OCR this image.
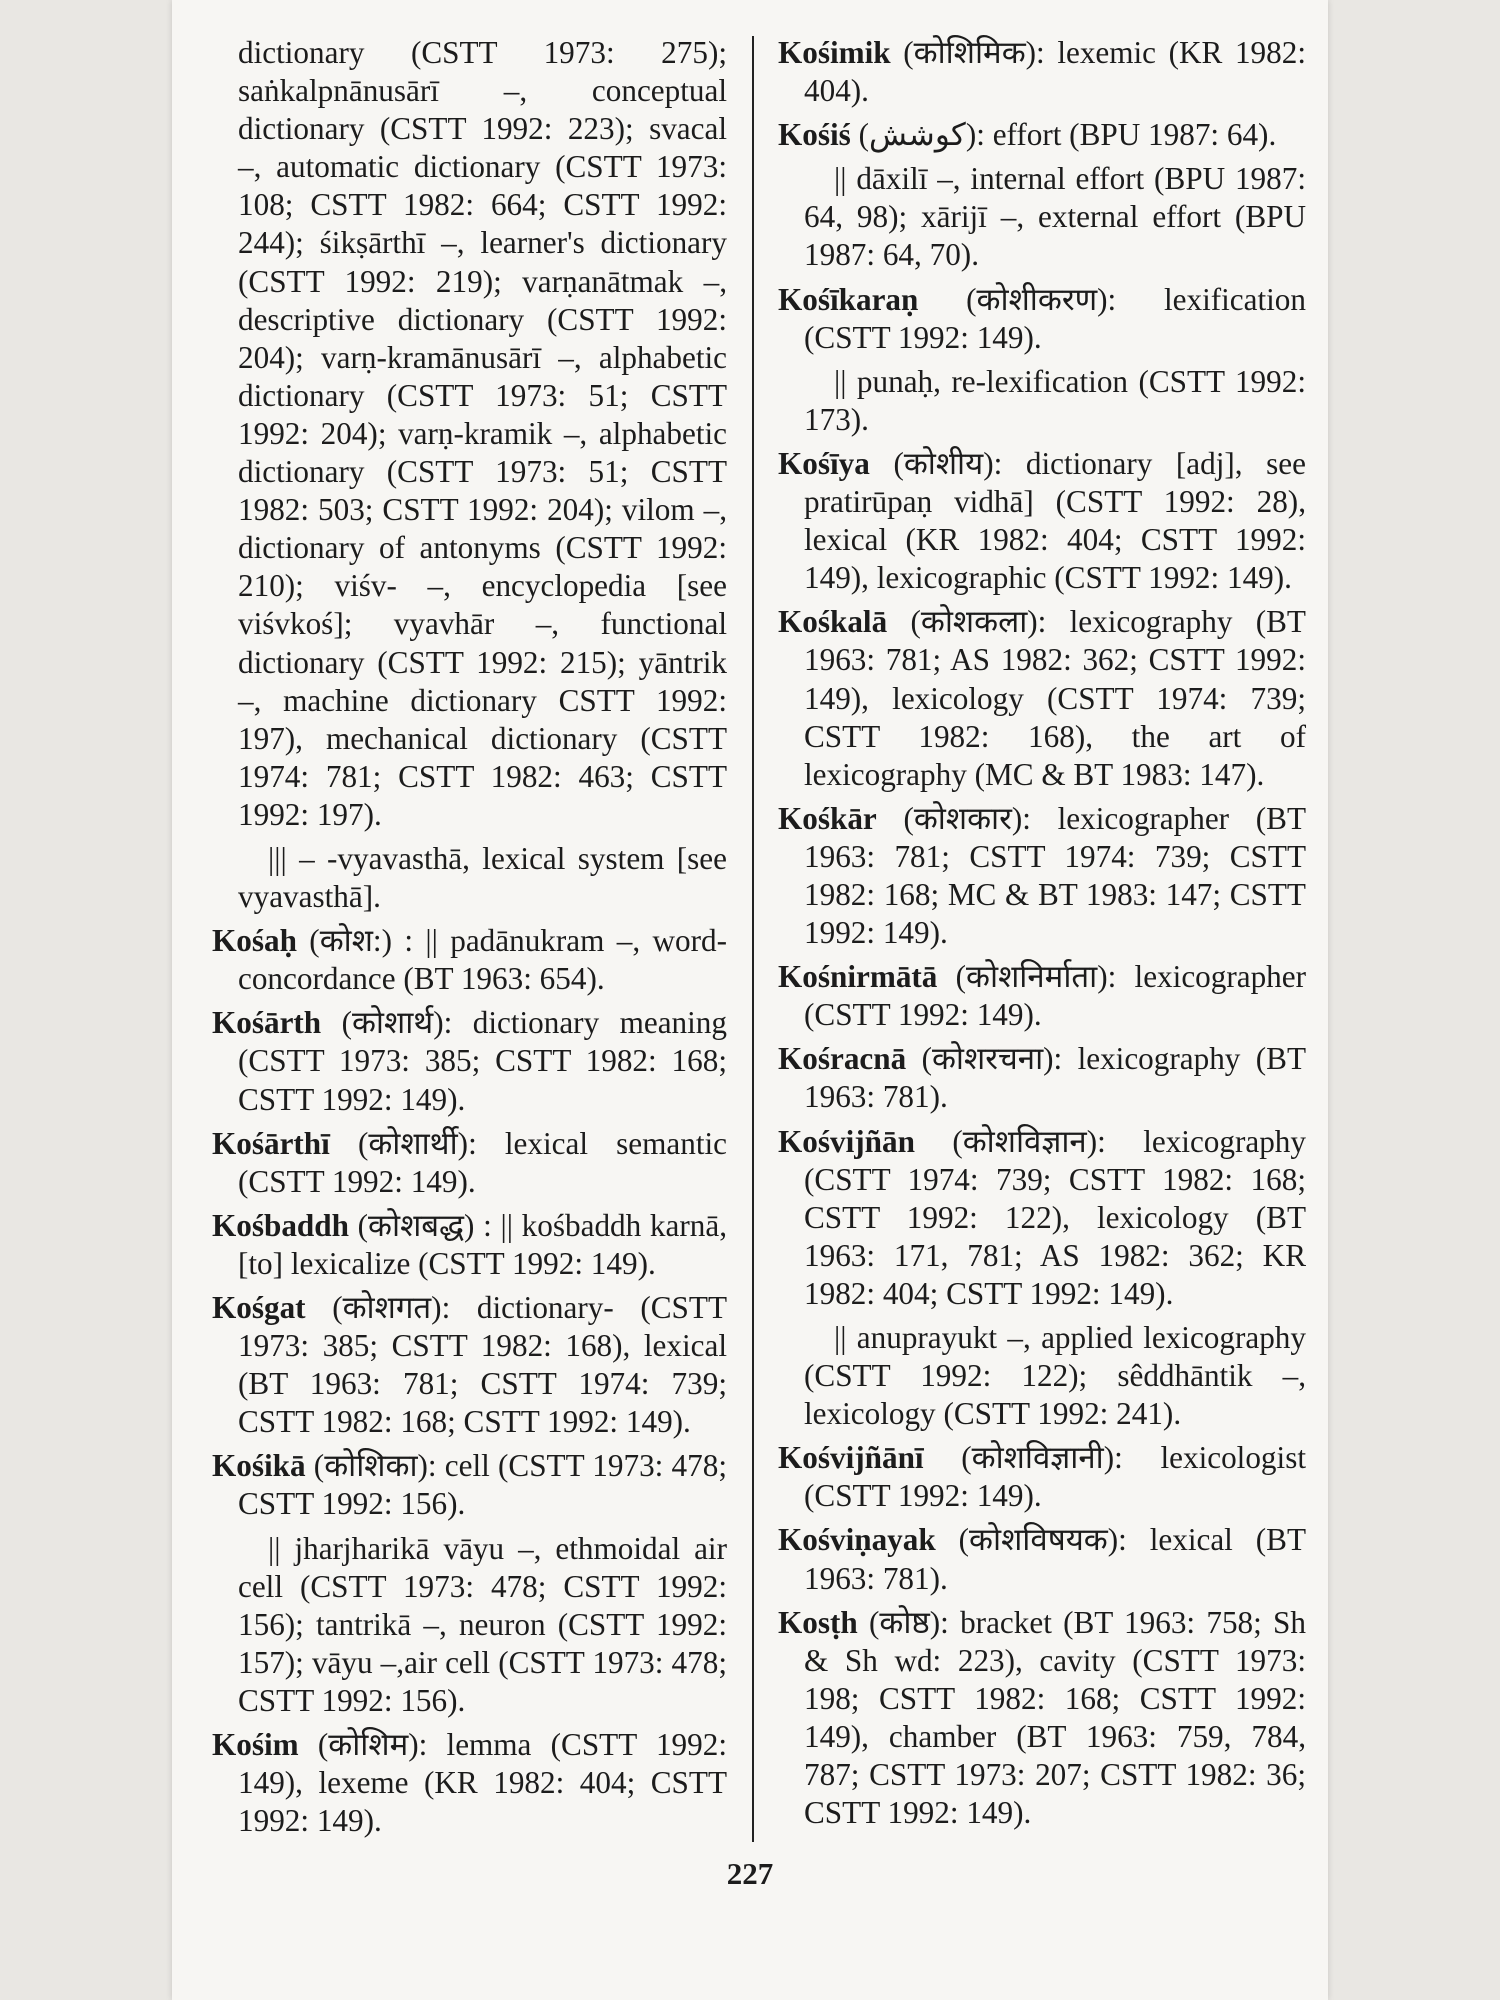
dictionary (CSTT 1973: 275); saṅkalpnānusārī –, conceptual dictionary (CSTT 1992: 223); svacal –, automatic dictionary (CSTT 1973: 108; CSTT 1982: 664; CSTT 1992: 244); śikṣārthī –, learner's dictionary (CSTT 1992: 219); varṇanātmak –, descriptive dictionary (CSTT 1992: 204); varṇ-kramānusārī –, alphabetic dictionary (CSTT 1973: 51; CSTT 1992: 204); varṇ-kramik –, alphabetic dictionary (CSTT 1973: 51; CSTT 1982: 503; CSTT 1992: 204); vilom –, dictionary of antonyms (CSTT 1992: 210); viśv- –, encyclopedia [see viśvkoś]; vyavhār –, functional dictionary (CSTT 1992: 215); yāntrik –, machine dictionary CSTT 1992: 197), mechanical dictionary (CSTT 1974: 781; CSTT 1982: 463; CSTT 1992: 197).

||| – -vyavasthā, lexical system [see vyavasthā].

Kośaḥ (कोश:) : || padānukram –, word-concordance (BT 1963: 654).

Kośārth (कोशार्थ): dictionary meaning (CSTT 1973: 385; CSTT 1982: 168; CSTT 1992: 149).

Kośārthī (कोशार्थी): lexical semantic (CSTT 1992: 149).

Kośbaddh (कोशबद्ध) : || kośbaddh karnā, [to] lexicalize (CSTT 1992: 149).

Kośgat (कोशगत): dictionary- (CSTT 1973: 385; CSTT 1982: 168), lexical (BT 1963: 781; CSTT 1974: 739; CSTT 1982: 168; CSTT 1992: 149).

Kośikā (कोशिका): cell (CSTT 1973: 478; CSTT 1992: 156).

|| jharjharikā vāyu –, ethmoidal air cell (CSTT 1973: 478; CSTT 1992: 156); tantrikā –, neuron (CSTT 1992: 157); vāyu –,air cell (CSTT 1973: 478; CSTT 1992: 156).

Kośim (कोशिम): lemma (CSTT 1992: 149), lexeme (KR 1982: 404; CSTT 1992: 149).

Kośimik (कोशिमिक): lexemic (KR 1982: 404).

Kośiś (کوشش): effort (BPU 1987: 64).

|| dāxilī –, internal effort (BPU 1987: 64, 98); xārijī –, external effort (BPU 1987: 64, 70).

Kośīkaraṇ (कोशीकरण): lexification (CSTT 1992: 149).

|| punaḥ, re-lexification (CSTT 1992: 173).

Kośīya (कोशीय): dictionary [adj], see pratirūpaṇ vidhā] (CSTT 1992: 28), lexical (KR 1982: 404; CSTT 1992: 149), lexicographic (CSTT 1992: 149).

Kośkalā (कोशकला): lexicography (BT 1963: 781; AS 1982: 362; CSTT 1992: 149), lexicology (CSTT 1974: 739; CSTT 1982: 168), the art of lexicography (MC & BT 1983: 147).

Kośkār (कोशकार): lexicographer (BT 1963: 781; CSTT 1974: 739; CSTT 1982: 168; MC & BT 1983: 147; CSTT 1992: 149).

Kośnirmātā (कोशनिर्माता): lexicographer (CSTT 1992: 149).

Kośracnā (कोशरचना): lexicography (BT 1963: 781).

Kośvijñān (कोशविज्ञान): lexicography (CSTT 1974: 739; CSTT 1982: 168; CSTT 1992: 122), lexicology (BT 1963: 171, 781; AS 1982: 362; KR 1982: 404; CSTT 1992: 149).

|| anuprayukt –, applied lexicography (CSTT 1992: 122); sêddhāntik –, lexicology (CSTT 1992: 241).

Kośvijñānī (कोशविज्ञानी): lexicologist (CSTT 1992: 149).

Kośviṇayak (कोशविषयक): lexical (BT 1963: 781).

Kosṭh (कोष्ठ): bracket (BT 1963: 758; Sh & Sh wd: 223), cavity (CSTT 1973: 198; CSTT 1982: 168; CSTT 1992: 149), chamber (BT 1963: 759, 784, 787; CSTT 1973: 207; CSTT 1982: 36; CSTT 1992: 149).

227
